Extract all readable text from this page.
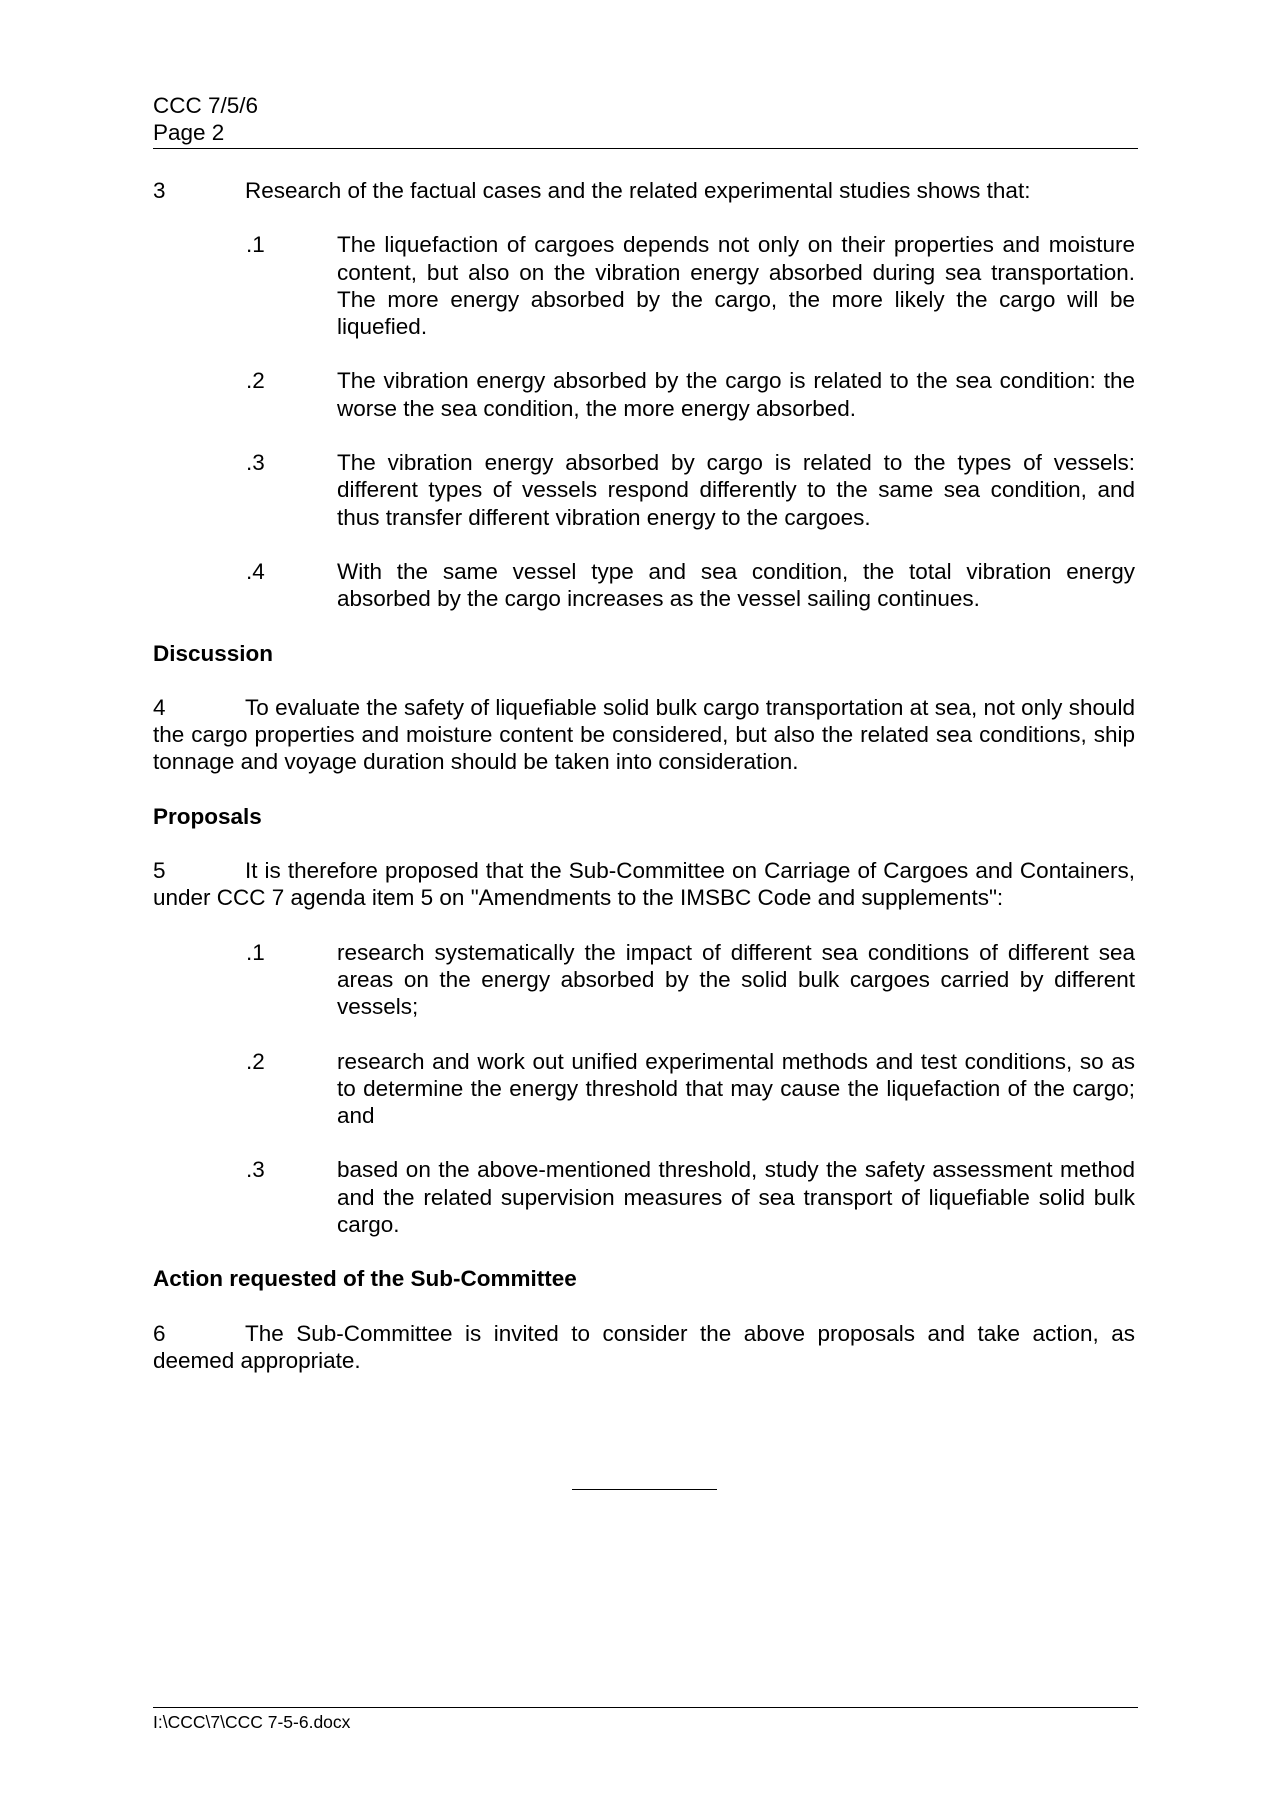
CCC 7/5/6
Page 2
3	Research of the factual cases and the related experimental studies shows that:
.1	The liquefaction of cargoes depends not only on their properties and moisture content, but also on the vibration energy absorbed during sea transportation. The more energy absorbed by the cargo, the more likely the cargo will be liquefied.
.2	The vibration energy absorbed by the cargo is related to the sea condition: the worse the sea condition, the more energy absorbed.
.3	The vibration energy absorbed by cargo is related to the types of vessels: different types of vessels respond differently to the same sea condition, and thus transfer different vibration energy to the cargoes.
.4	With the same vessel type and sea condition, the total vibration energy absorbed by the cargo increases as the vessel sailing continues.
Discussion
4	To evaluate the safety of liquefiable solid bulk cargo transportation at sea, not only should the cargo properties and moisture content be considered, but also the related sea conditions, ship tonnage and voyage duration should be taken into consideration.
Proposals
5	It is therefore proposed that the Sub-Committee on Carriage of Cargoes and Containers, under CCC 7 agenda item 5 on "Amendments to the IMSBC Code and supplements":
.1	research systematically the impact of different sea conditions of different sea areas on the energy absorbed by the solid bulk cargoes carried by different vessels;
.2	research and work out unified experimental methods and test conditions, so as to determine the energy threshold that may cause the liquefaction of the cargo; and
.3	based on the above-mentioned threshold, study the safety assessment method and the related supervision measures of sea transport of liquefiable solid bulk cargo.
Action requested of the Sub-Committee
6	The Sub-Committee is invited to consider the above proposals and take action, as deemed appropriate.
I:\CCC\7\CCC 7-5-6.docx
